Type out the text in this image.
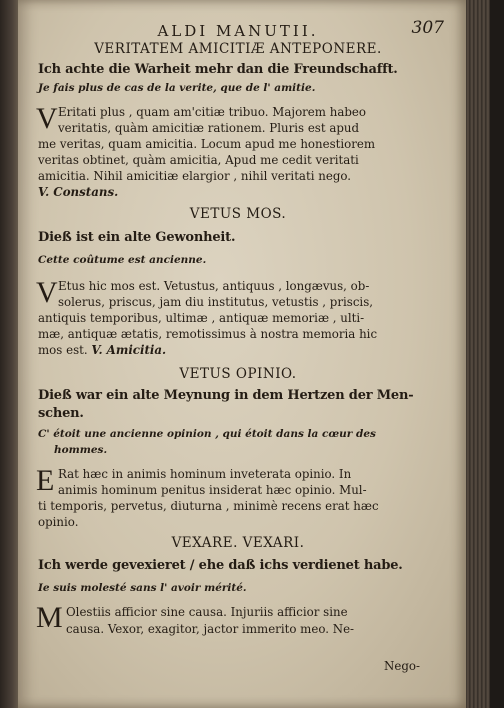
ALDI MANUTII.	307
VERITATEM AMICITIÆ ANTEPONERE.
Ich achte die Warheit mehr dan die Freundschafft.
Je fais plus de cas de la verite, que de l' amitie.
V Eritati plus , quam am'citiæ tribuo. Majorem habeo
veritatis, quàm amicitiæ rationem. Pluris est apud
me veritas, quam amicitia. Locum apud me honestiorem
veritas obtinet, quàm amicitia, Apud me cedit veritati
amicitia. Nihil amicitiæ elargior , nihil veritati nego.
V. Constans.
VETUS MOS.
Dieß ist ein alte Gewonheit.
Cette coûtume est ancienne.
V Etus hic mos est. Vetustus, antiquus , longævus, ob-
solerus, priscus, jam diu institutus, vetustis , priscis,
antiquis temporibus, ultimæ , antiquæ memoriæ , ulti-
mæ, antiquæ ætatis, remotissimus à nostra memoria hic
mos est. V. Amicitia.
VETUS OPINIO.
Dieß war ein alte Meynung in dem Hertzen der Men-
schen.
C' étoit une ancienne opinion , qui étoit dans la cœur des
hommes.
E Rat hæc in animis hominum inveterata opinio. In
animis hominum penitus insiderat hæc opinio. Mul-
ti temporis, pervetus, diuturna , minimè recens erat hæc
opinio.
VEXARE. VEXARI.
Ich werde gevexieret / ehe daß ichs verdienet habe.
Ie suis molesté sans l' avoir mérité.
M Olestiis afficior sine causa. Injuriis afficior sine
causa. Vexor, exagitor, jactor immerito meo. Ne-
Nego-
